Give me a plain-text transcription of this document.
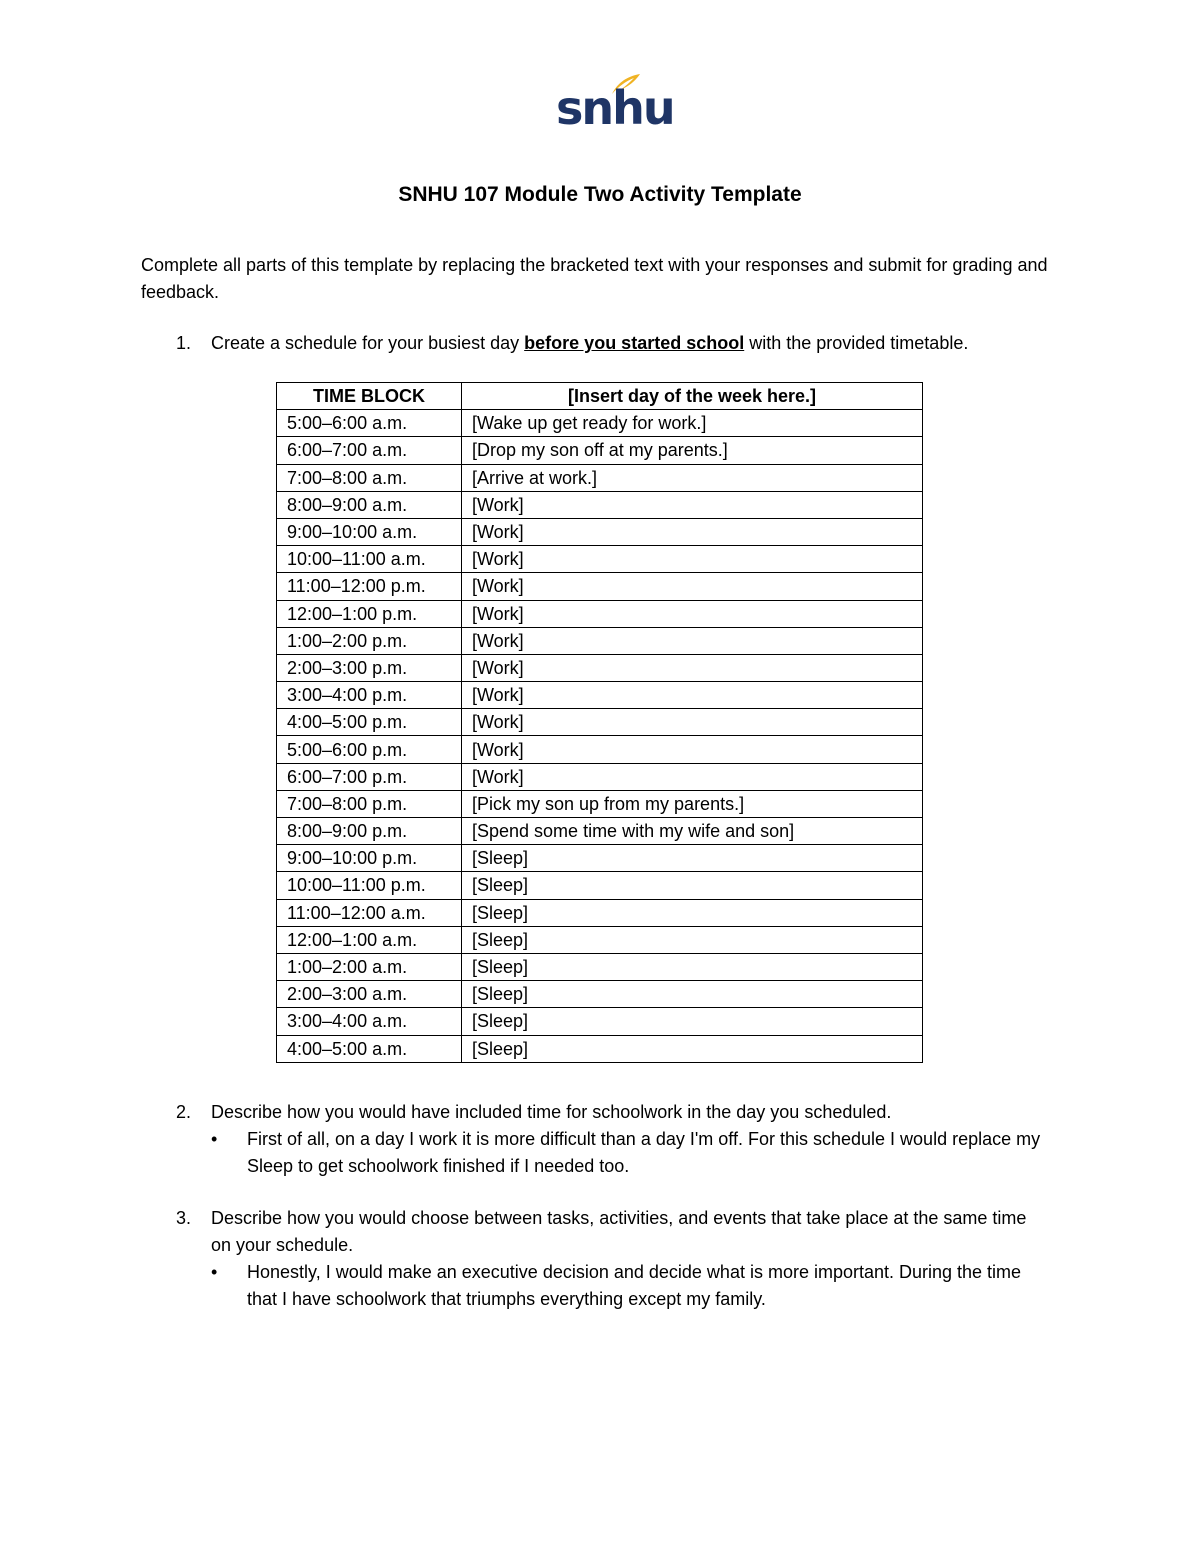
snhu
SNHU 107 Module Two Activity Template
Complete all parts of this template by replacing the bracketed text with your responses and submit for grading and feedback.
1. Create a schedule for your busiest day before you started school with the provided timetable.
TIME BLOCK	[Insert day of the week here.]
5:00–6:00 a.m.	[Wake up get ready for work.]
6:00–7:00 a.m.	[Drop my son off at my parents.]
7:00–8:00 a.m.	[Arrive at work.]
8:00–9:00 a.m.	[Work]
9:00–10:00 a.m.	[Work]
10:00–11:00 a.m.	[Work]
11:00–12:00 p.m.	[Work]
12:00–1:00 p.m.	[Work]
1:00–2:00 p.m.	[Work]
2:00–3:00 p.m.	[Work]
3:00–4:00 p.m.	[Work]
4:00–5:00 p.m.	[Work]
5:00–6:00 p.m.	[Work]
6:00–7:00 p.m.	[Work]
7:00–8:00 p.m.	[Pick my son up from my parents.]
8:00–9:00 p.m.	[Spend some time with my wife and son]
9:00–10:00 p.m.	[Sleep]
10:00–11:00 p.m.	[Sleep]
11:00–12:00 a.m.	[Sleep]
12:00–1:00 a.m.	[Sleep]
1:00–2:00 a.m.	[Sleep]
2:00–3:00 a.m.	[Sleep]
3:00–4:00 a.m.	[Sleep]
4:00–5:00 a.m.	[Sleep]
2. Describe how you would have included time for schoolwork in the day you scheduled.
• First of all, on a day I work it is more difficult than a day I'm off. For this schedule I would replace my Sleep to get schoolwork finished if I needed too.
3. Describe how you would choose between tasks, activities, and events that take place at the same time on your schedule.
• Honestly, I would make an executive decision and decide what is more important. During the time that I have schoolwork that triumphs everything except my family.
